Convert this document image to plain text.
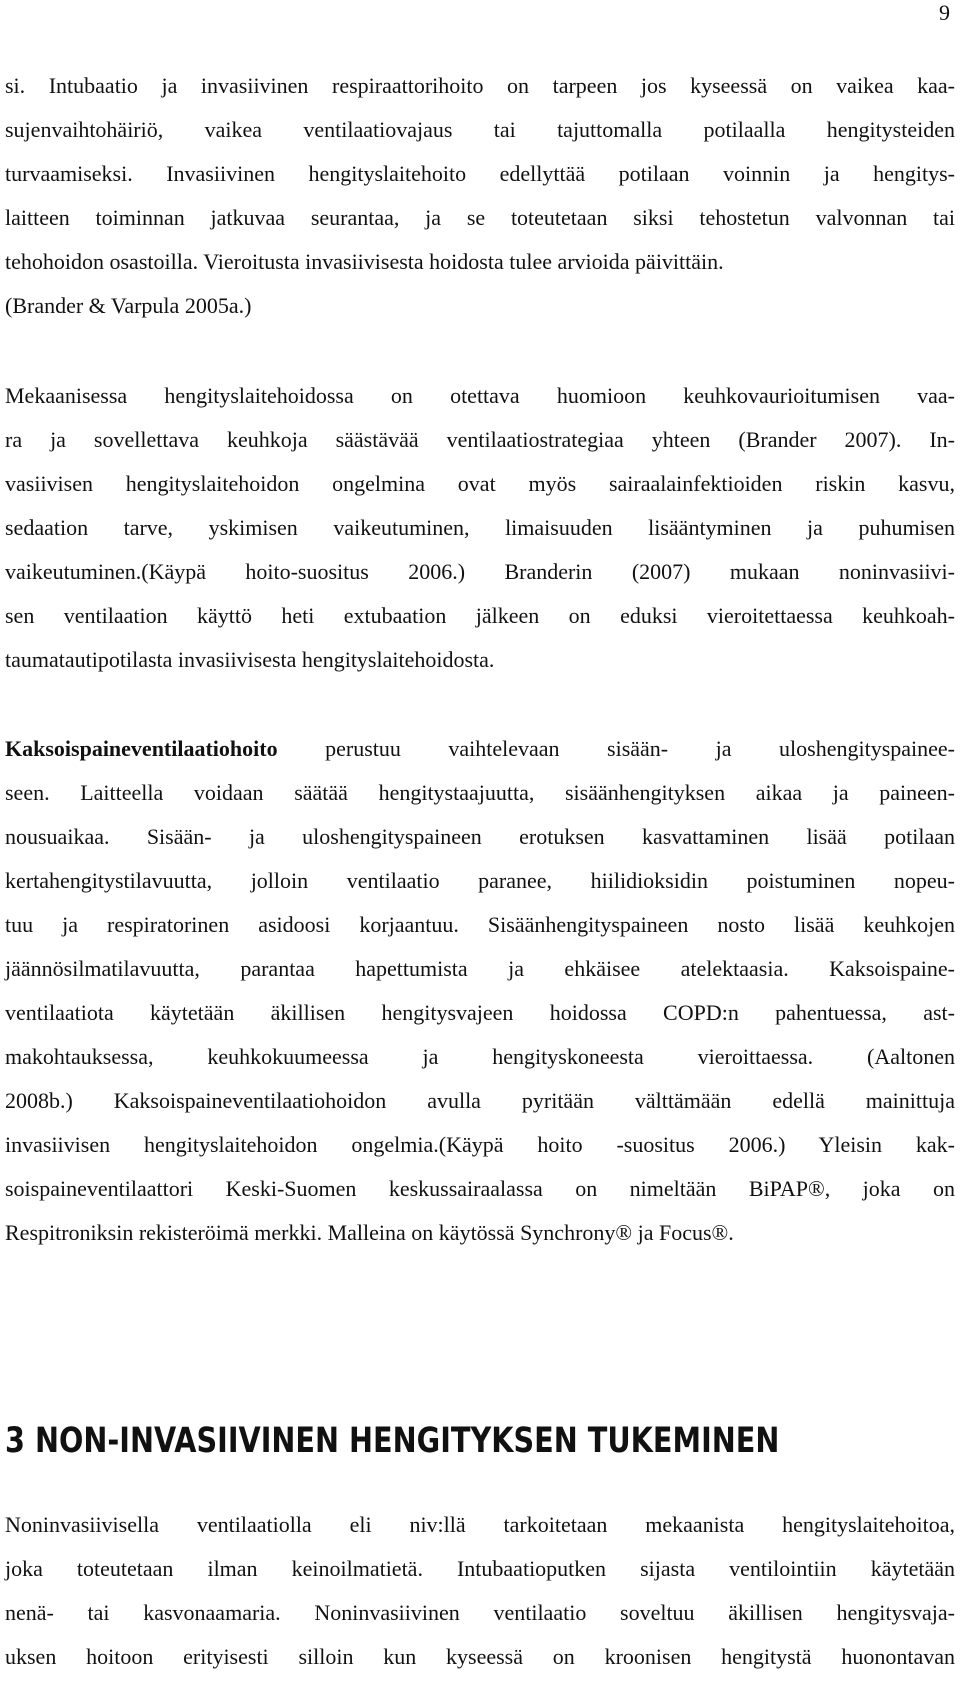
9

si. Intubaatio ja invasiivinen respiraattorihoito on tarpeen jos kyseessä on vaikea kaa-

sujenvaihtohäiriö, vaikea ventilaatiovajaus tai tajuttomalla potilaalla hengitysteiden

turvaamiseksi. Invasiivinen hengityslaitehoito edellyttää potilaan voinnin ja hengitys-

laitteen toiminnan jatkuvaa seurantaa, ja se toteutetaan siksi tehostetun valvonnan tai

tehohoidon osastoilla. Vieroitusta invasiivisesta hoidosta tulee arvioida päivittäin.

(Brander & Varpula 2005a.)

Mekaanisessa hengityslaitehoidossa on otettava huomioon keuhkovaurioitumisen vaa-

ra ja sovellettava keuhkoja säästävää ventilaatiostrategiaa yhteen (Brander 2007). In-

vasiivisen hengityslaitehoidon ongelmina ovat myös sairaalainfektioiden riskin kasvu,

sedaation tarve, yskimisen vaikeutuminen, limaisuuden lisääntyminen ja puhumisen

vaikeutuminen.(Käypä hoito-suositus 2006.) Branderin (2007) mukaan noninvasiivi-

sen ventilaation käyttö heti extubaation jälkeen on eduksi vieroitettaessa keuhkoah-

taumatautipotilasta invasiivisesta hengityslaitehoidosta.

Kaksoispaineventilaatiohoito perustuu vaihtelevaan sisään- ja uloshengityspainee-

seen. Laitteella voidaan säätää hengitystaajuutta, sisäänhengityksen aikaa ja paineen-

nousuaikaa. Sisään- ja uloshengityspaineen erotuksen kasvattaminen lisää potilaan

kertahengitystilavuutta, jolloin ventilaatio paranee, hiilidioksidin poistuminen nopeu-

tuu ja respiratorinen asidoosi korjaantuu. Sisäänhengityspaineen nosto lisää keuhkojen

jäännösilmatilavuutta, parantaa hapettumista ja ehkäisee atelektaasia. Kaksoispaine-

ventilaatiota käytetään äkillisen hengitysvajeen hoidossa COPD:n pahentuessa, ast-

makohtauksessa, keuhkokuumeessa ja hengityskoneesta vieroittaessa. (Aaltonen

2008b.) Kaksoispaineventilaatiohoidon avulla pyritään välttämään edellä mainittuja

invasiivisen hengityslaitehoidon ongelmia.(Käypä hoito -suositus 2006.) Yleisin kak-

soispaineventilaattori Keski-Suomen keskussairaalassa on nimeltään BiPAP®, joka on

Respitroniksin rekisteröimä merkki. Malleina on käytössä Synchrony® ja Focus®.

3 NON-INVASIIVINEN HENGITYKSEN TUKEMINEN

Noninvasiivisella ventilaatiolla eli niv:llä tarkoitetaan mekaanista hengityslaitehoitoa,

joka toteutetaan ilman keinoilmatietä. Intubaatioputken sijasta ventilointiin käytetään

nenä- tai kasvonaamaria. Noninvasiivinen ventilaatio soveltuu äkillisen hengitysvaja-

uksen hoitoon erityisesti silloin kun kyseessä on kroonisen hengitystä huonontavan
